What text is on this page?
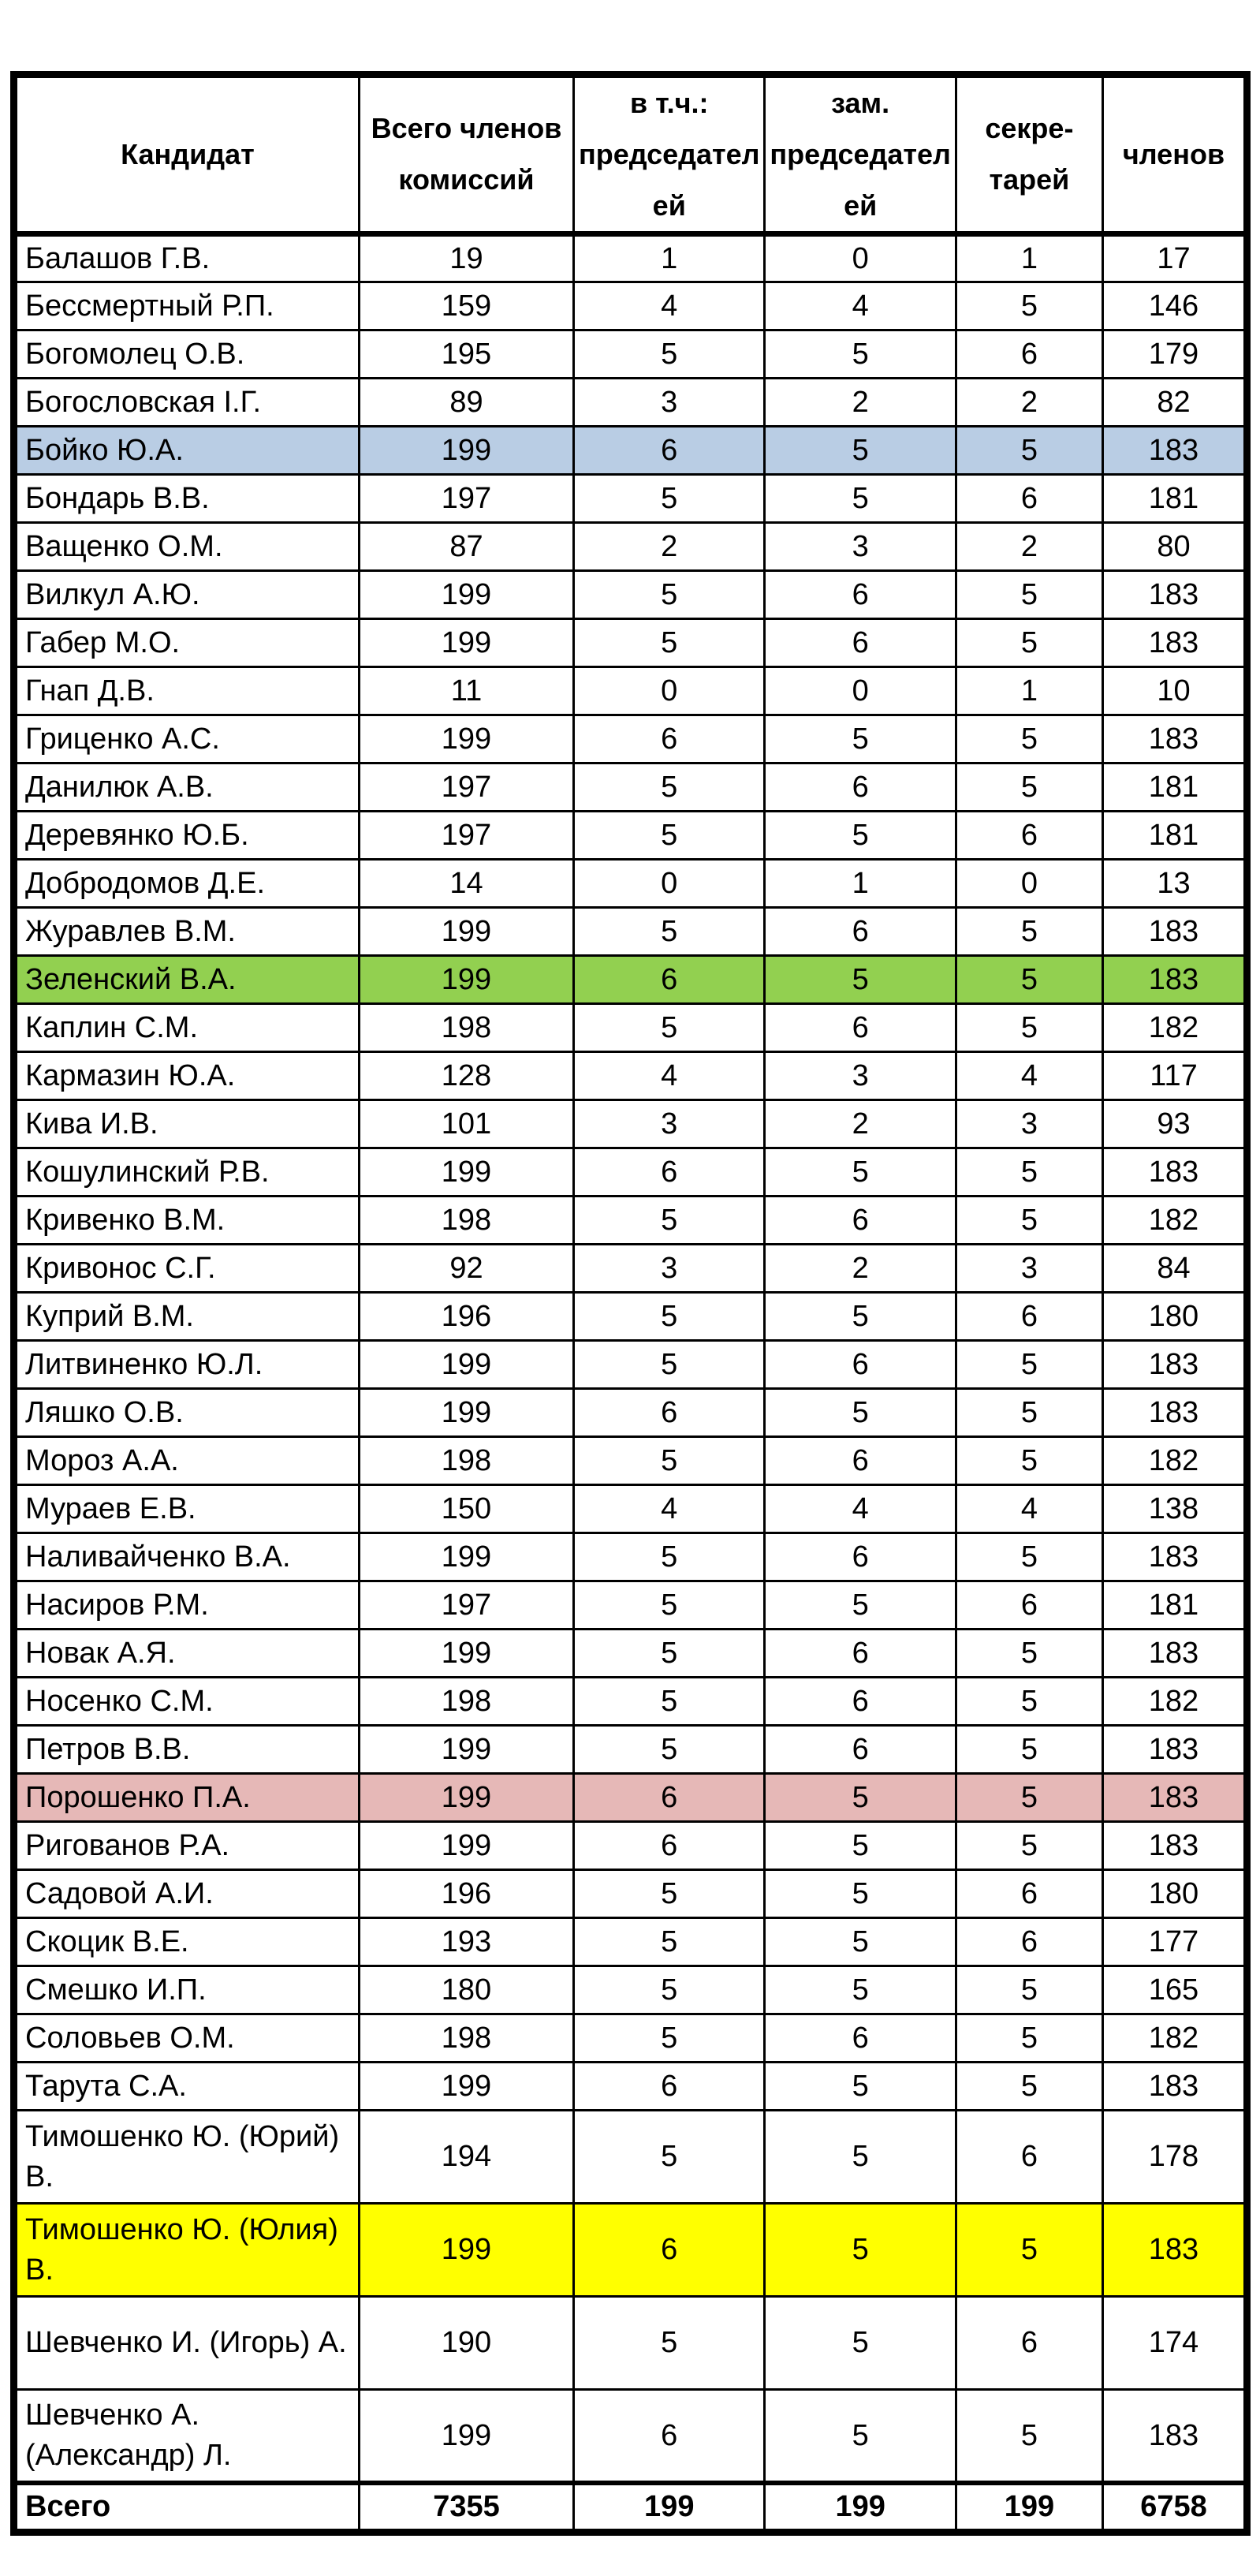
Кандидат	Всего членов комиссий	в т.ч.: председателей	зам. председателей	секре-тарей	членов
Балашов Г.В.	19	1	0	1	17
Бессмертный Р.П.	159	4	4	5	146
Богомолец О.В.	195	5	5	6	179
Богословская І.Г.	89	3	2	2	82
Бойко Ю.А.	199	6	5	5	183
Бондарь В.В.	197	5	5	6	181
Ващенко О.М.	87	2	3	2	80
Вилкул А.Ю.	199	5	6	5	183
Габер М.О.	199	5	6	5	183
Гнап Д.В.	11	0	0	1	10
Гриценко А.С.	199	6	5	5	183
Данилюк А.В.	197	5	6	5	181
Деревянко Ю.Б.	197	5	5	6	181
Добродомов Д.Е.	14	0	1	0	13
Журавлев В.М.	199	5	6	5	183
Зеленский В.А.	199	6	5	5	183
Каплин С.М.	198	5	6	5	182
Кармазин Ю.А.	128	4	3	4	117
Кива И.В.	101	3	2	3	93
Кошулинский Р.В.	199	6	5	5	183
Кривенко В.М.	198	5	6	5	182
Кривонос С.Г.	92	3	2	3	84
Куприй В.М.	196	5	5	6	180
Литвиненко Ю.Л.	199	5	6	5	183
Ляшко О.В.	199	6	5	5	183
Мороз А.А.	198	5	6	5	182
Мураев Е.В.	150	4	4	4	138
Наливайченко В.А.	199	5	6	5	183
Насиров Р.М.	197	5	5	6	181
Новак А.Я.	199	5	6	5	183
Носенко С.М.	198	5	6	5	182
Петров В.В.	199	5	6	5	183
Порошенко П.А.	199	6	5	5	183
Ригованов Р.А.	199	6	5	5	183
Садовой А.И.	196	5	5	6	180
Скоцик В.Е.	193	5	5	6	177
Смешко И.П.	180	5	5	5	165
Соловьев О.М.	198	5	6	5	182
Тарута С.А.	199	6	5	5	183
Тимошенко Ю. (Юрий) В.	194	5	5	6	178
Тимошенко Ю. (Юлия) В.	199	6	5	5	183
Шевченко И. (Игорь) А.	190	5	5	6	174
Шевченко А. (Александр) Л.	199	6	5	5	183
Всего	7355	199	199	199	6758
